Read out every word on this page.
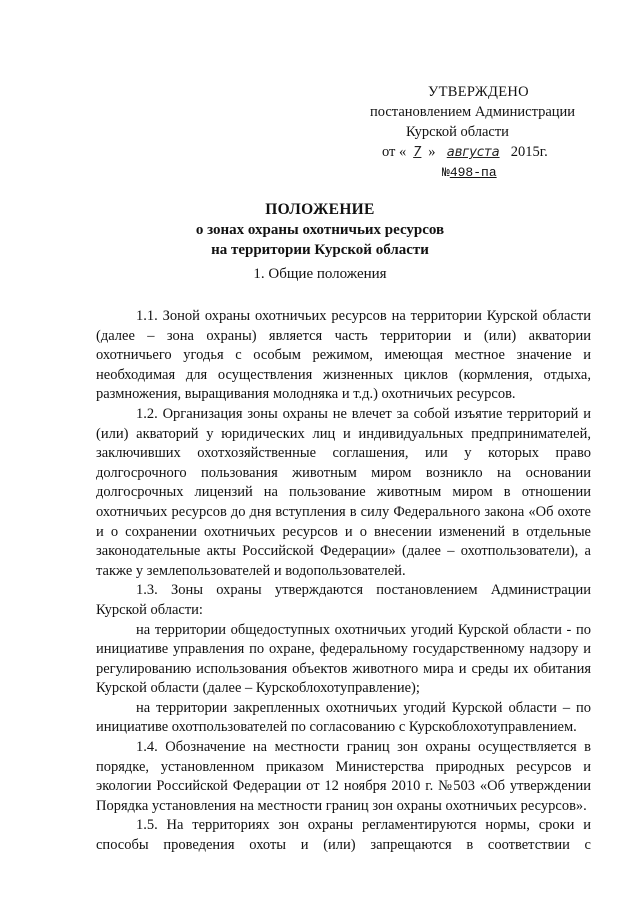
УТВЕРЖДЕНО
постановлением Администрации
Курской области
от « 7 » августа 2015г.
№498-па
ПОЛОЖЕНИЕ
о зонах охраны охотничьих ресурсов
на территории Курской области
1. Общие положения

1.1. Зоной охраны охотничьих ресурсов на территории Курской области (далее – зона охраны) является часть территории и (или) акватории охотничьего угодья с особым режимом, имеющая местное значение и необходимая для осуществления жизненных циклов (кормления, отдыха, размножения, выращивания молодняка и т.д.) охотничьих ресурсов.

1.2. Организация зоны охраны не влечет за собой изъятие территорий и (или) акваторий у юридических лиц и индивидуальных предпринимателей, заключивших охотхозяйственные соглашения, или у которых право долгосрочного пользования животным миром возникло на основании долгосрочных лицензий на пользование животным миром в отношении охотничьих ресурсов до дня вступления в силу Федерального закона «Об охоте и о сохранении охотничьих ресурсов и о внесении изменений в отдельные законодательные акты Российской Федерации» (далее – охотпользователи), а также у землепользователей и водопользователей.

1.3. Зоны охраны утверждаются постановлением Администрации Курской области:

на территории общедоступных охотничьих угодий Курской области - по инициативе управления по охране, федеральному государственному надзору и регулированию использования объектов животного мира и среды их обитания Курской области (далее – Курскоблохотуправление);

на территории закрепленных охотничьих угодий Курской области – по инициативе охотпользователей по согласованию с Курскоблохотуправлением.

1.4. Обозначение на местности границ зон охраны осуществляется в порядке, установленном приказом Министерства природных ресурсов и экологии Российской Федерации от 12 ноября 2010 г. №503 «Об утверждении Порядка установления на местности границ зон охраны охотничьих ресурсов».

1.5. На территориях зон охраны регламентируются нормы, сроки и способы проведения охоты и (или) запрещаются в соответствии с
